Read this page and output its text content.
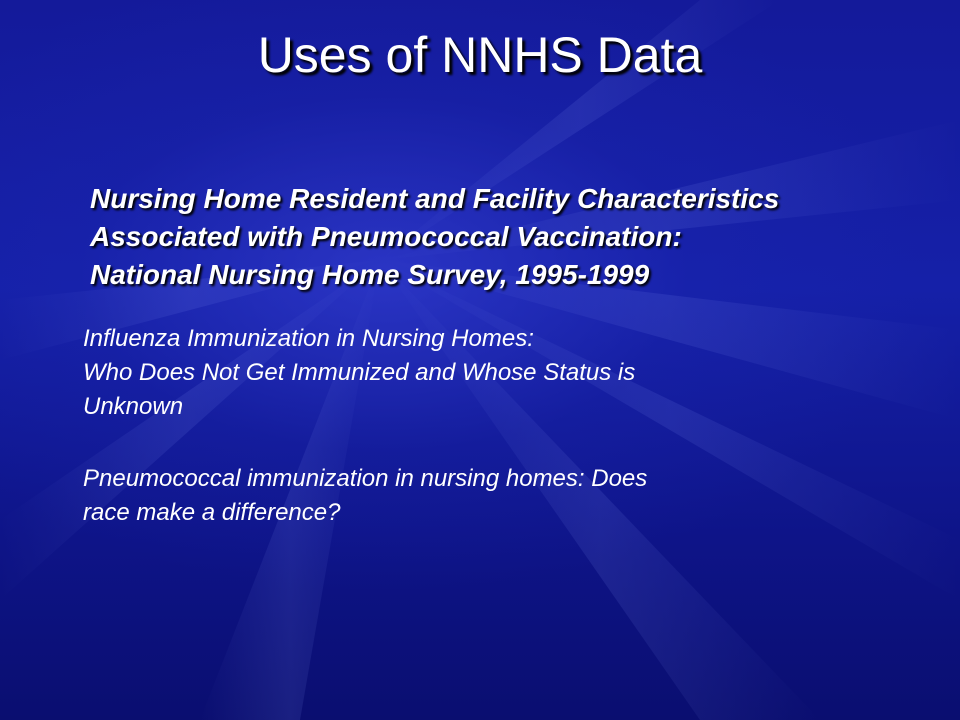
Uses of NNHS Data
Nursing Home Resident and Facility Characteristics
Associated with Pneumococcal Vaccination:
National Nursing Home Survey, 1995-1999
Influenza Immunization in Nursing Homes:
Who Does Not Get Immunized and Whose Status is
Unknown
Pneumococcal immunization in nursing homes: Does
race make a difference?
